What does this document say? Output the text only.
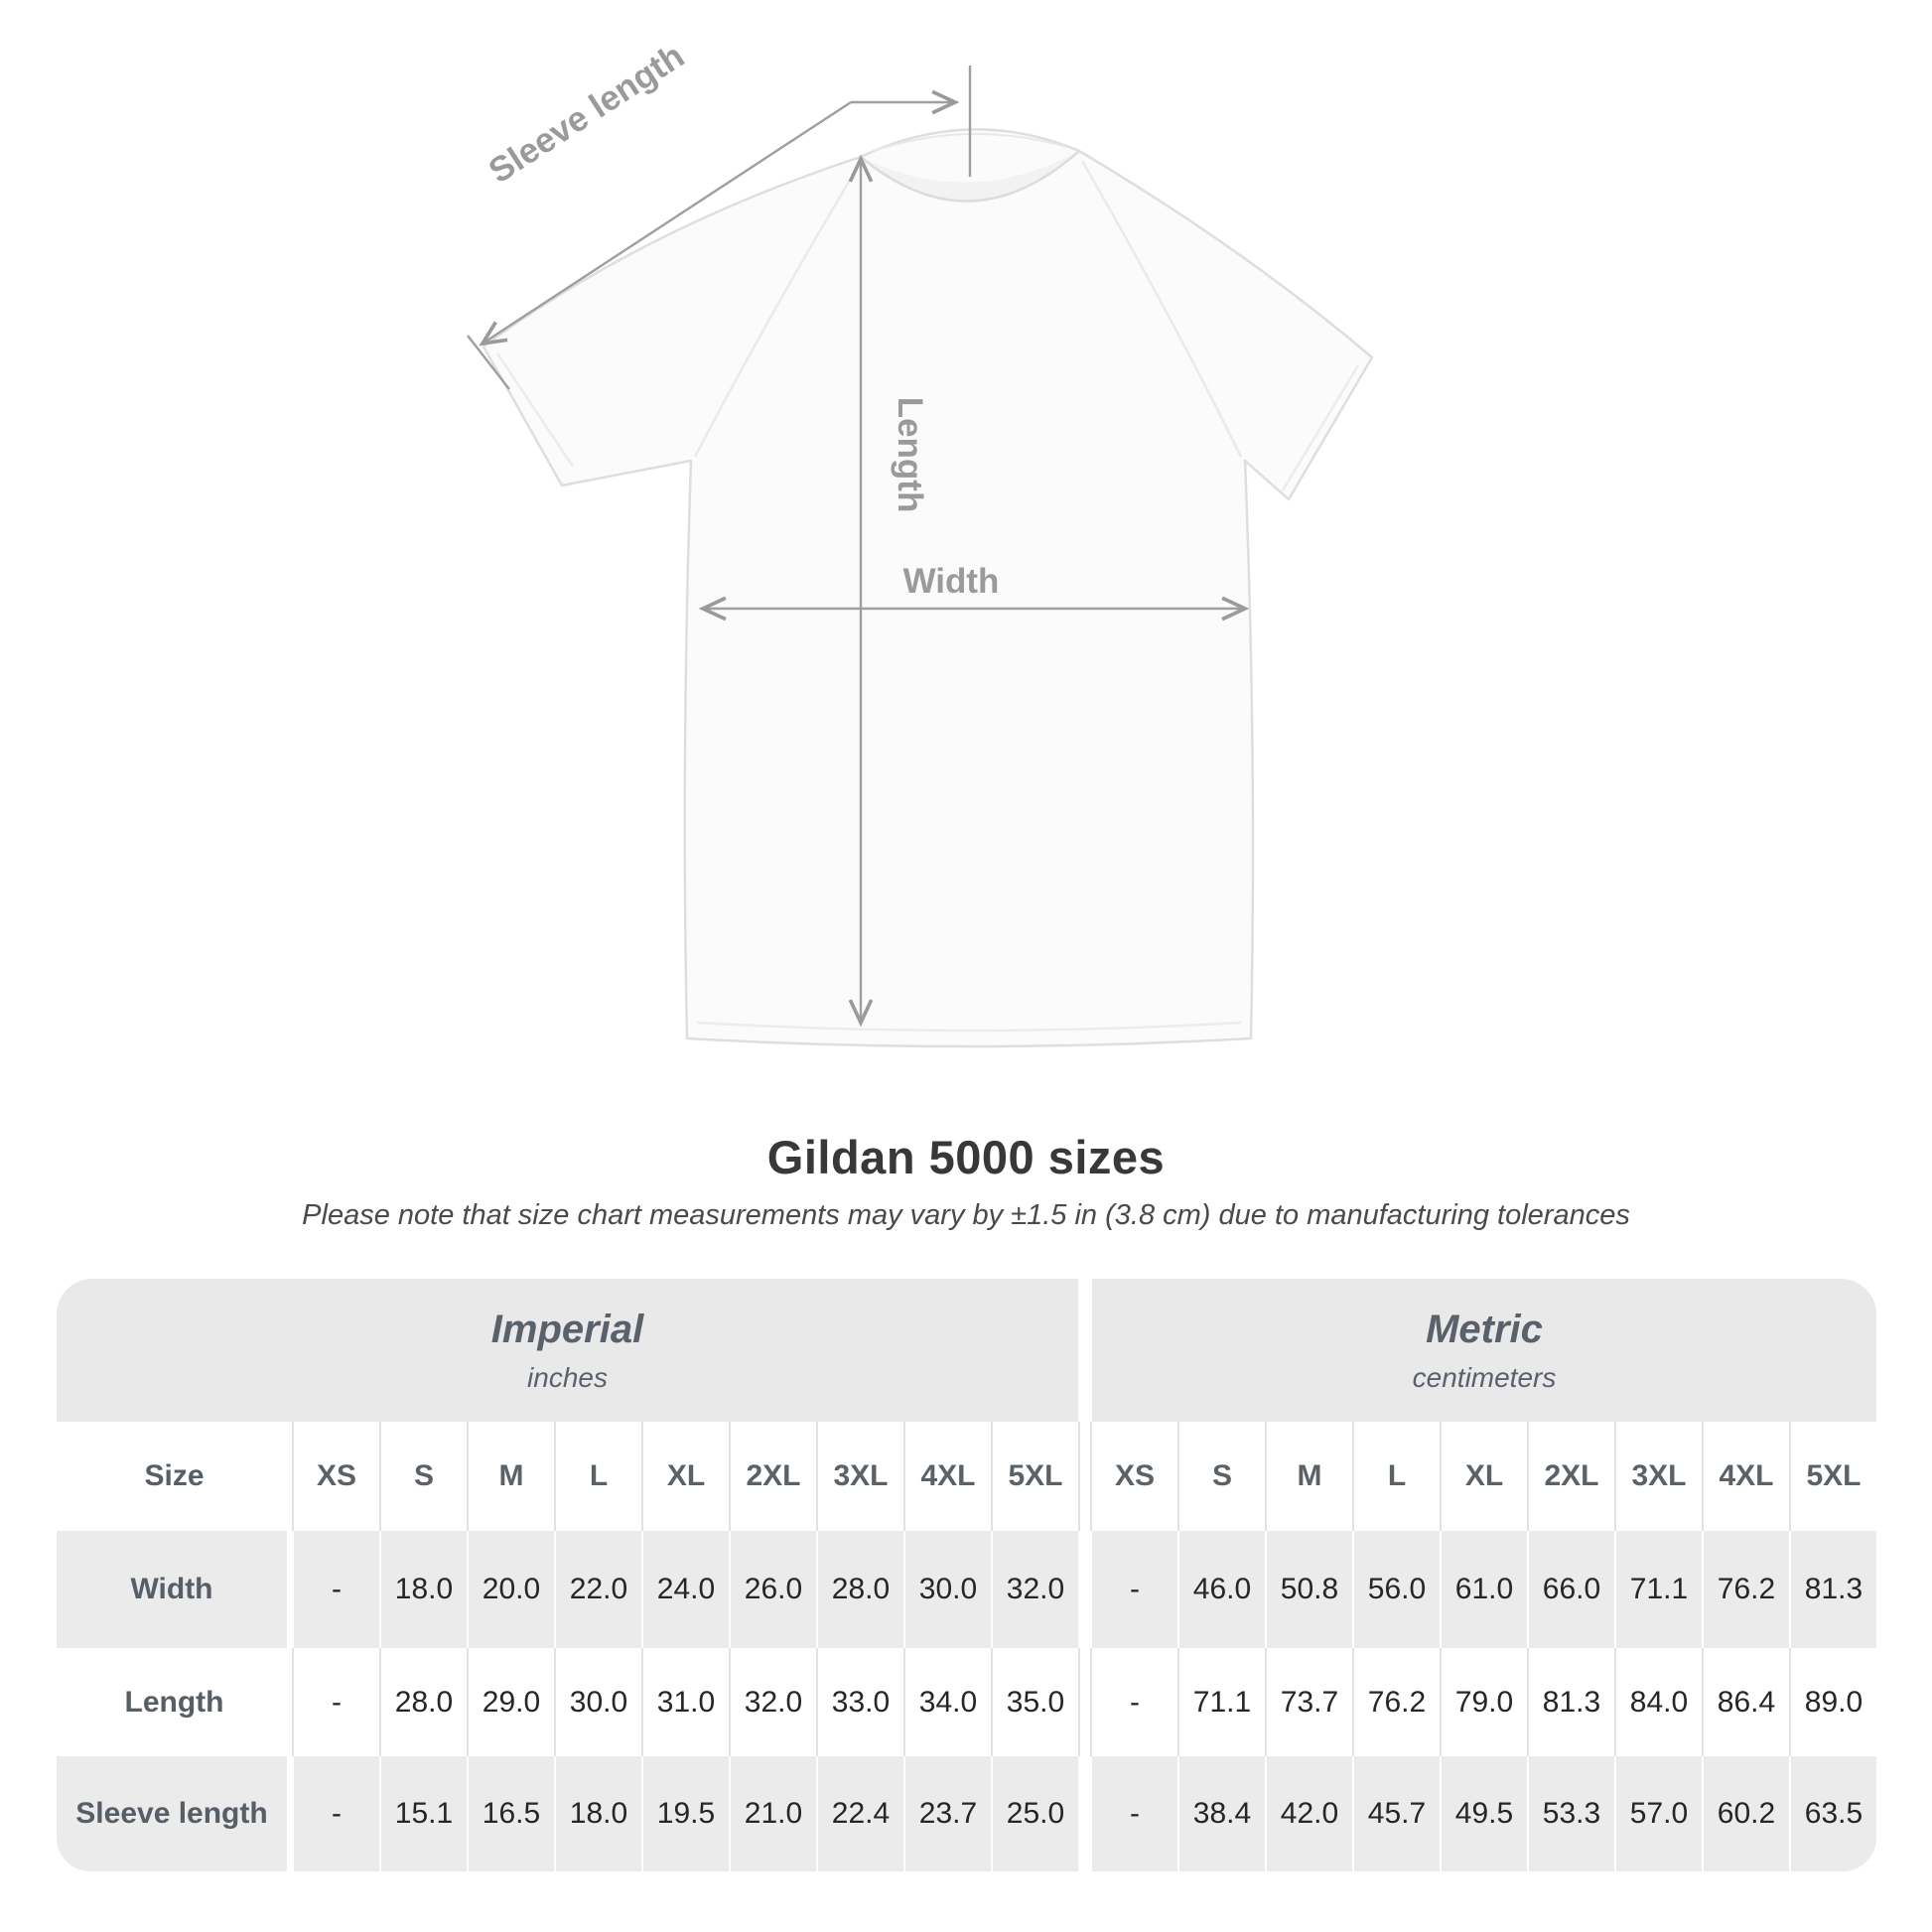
Sleeve length
Length
Width
Gildan 5000 sizes
Please note that size chart measurements may vary by ±1.5 in (3.8 cm) due to manufacturing tolerances
Imperial
inches
Metric
centimeters
Size	XS	S	M	L	XL	2XL	3XL	4XL	5XL	XS	S	M	L	XL	2XL	3XL	4XL	5XL
Width	-	18.0 20.0 22.0 24.0 26.0 28.0 30.0 32.0	-	46.0 50.8 56.0 61.0 66.0 71.1 76.2 81.3
Length	-	28.0 29.0 30.0 31.0 32.0 33.0 34.0 35.0	-	71.1 73.7 76.2 79.0 81.3 84.0 86.4 89.0
Sleeve length	-	15.1 16.5 18.0 19.5 21.0 22.4 23.7 25.0	-	38.4 42.0 45.7 49.5 53.3 57.0 60.2 63.5
